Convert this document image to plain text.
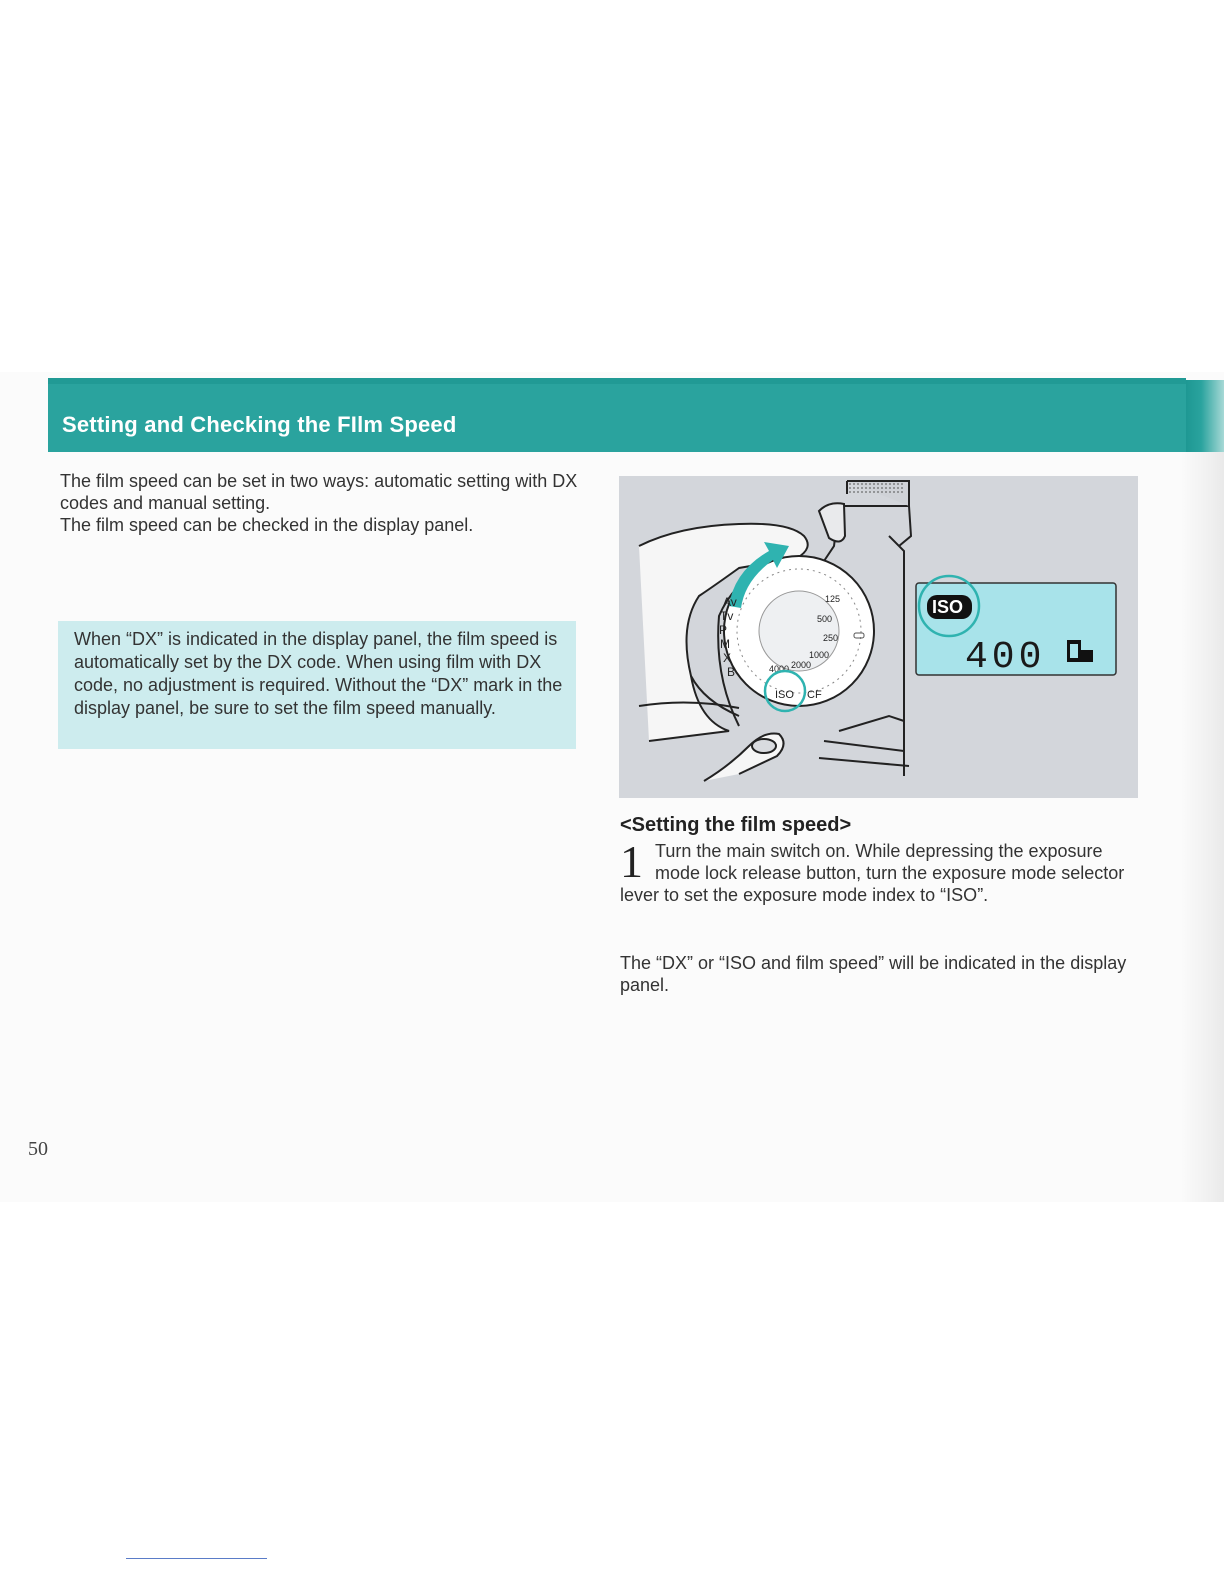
Setting and Checking the FIlm Speed

The film speed can be set in two ways: automatic setting with DX codes and manual setting.

The film speed can be checked in the display panel.

When “DX” is indicated in the display panel, the film speed is automatically set by the DX code. When using film with DX code, no adjustment is required. Without the “DX” mark in the display panel, be sure to set the film speed manually.
Av
Tv
P
M
X
B
125
250
500
1000
2000
4000
ISO CF
ISO
400
<Setting the film speed>
1 Turn the main switch on. While depressing the exposure mode lock release button, turn the exposure mode selector lever to set the exposure mode index to “ISO”.
The “DX” or “ISO and film speed” will be indicated in the display panel.
50
